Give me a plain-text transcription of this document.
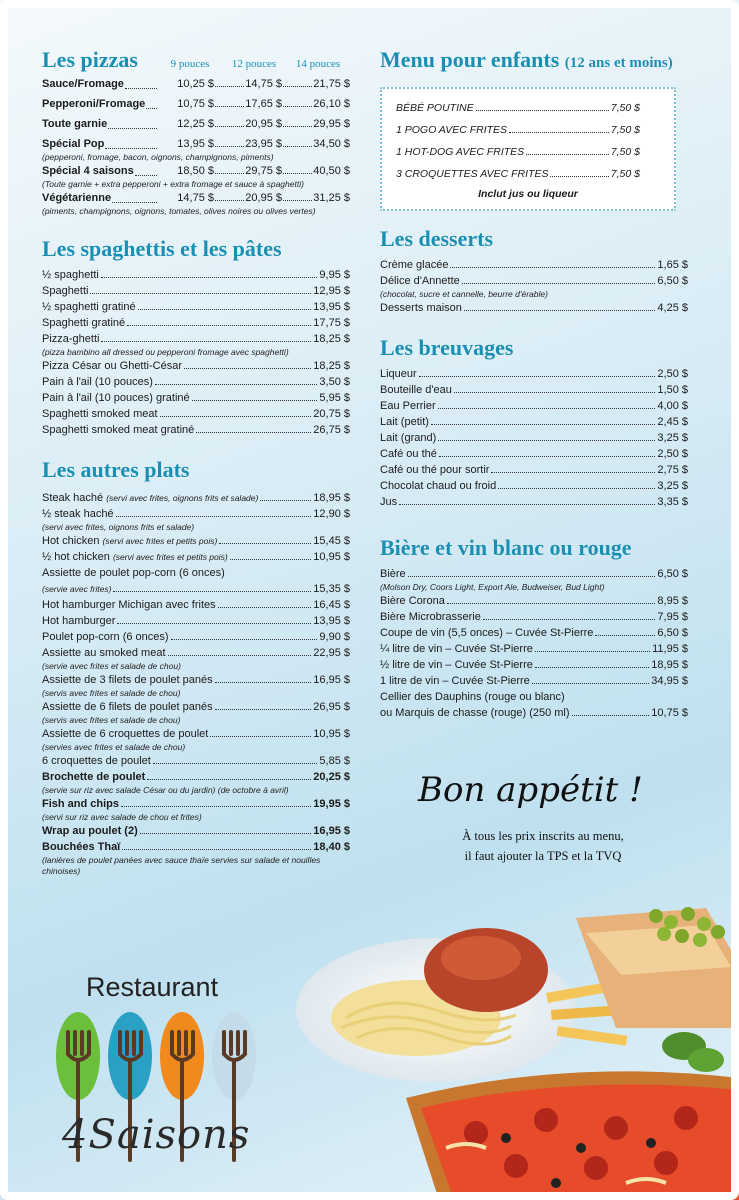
Les pizzas	9 pouces	12 pouces	14 pouces
Sauce/Fromage	10,25 $	14,75 $	21,75 $
Pepperoni/Fromage	10,75 $	17,65 $	26,10 $
Toute garnie	12,25 $	20,95 $	29,95 $
Spécial Pop	13,95 $	23,95 $	34,50 $
(pepperoni, fromage, bacon, oignons, champignons, piments)
Spécial 4 saisons	18,50 $	29,75 $	40,50 $
(Toute garnie + extra pepperoni + extra fromage et sauce à spaghetti)
Végétarienne	14,75 $	20,95 $	31,25 $
(piments, champignons, oignons, tomates, olives noires ou olives vertes)
Les spaghettis et les pâtes
½ spaghetti	9,95 $
Spaghetti	12,95 $
½ spaghetti gratiné	13,95 $
Spaghetti gratiné	17,75 $
Pizza-ghetti	18,25 $
(pizza bambino all dressed ou pepperoni fromage avec spaghetti)
Pizza César ou Ghetti-César	18,25 $
Pain à l'ail (10 pouces)	3,50 $
Pain à l'ail (10 pouces) gratiné	5,95 $
Spaghetti smoked meat	20,75 $
Spaghetti smoked meat gratiné	26,75 $
Les autres plats
Steak haché (servi avec frites, oignons frits et salade)	18,95 $
½ steak haché	12,90 $
(servi avec frites, oignons frits et salade)
Hot chicken (servi avec frites et petits pois)	15,45 $
½ hot chicken (servi avec frites et petits pois)	10,95 $
Assiette de poulet pop-corn (6 onces)
(servie avec frites)	15,35 $
Hot hamburger Michigan avec frites	16,45 $
Hot hamburger	13,95 $
Poulet pop-corn (6 onces)	9,90 $
Assiette au smoked meat	22,95 $
(servie avec frites et salade de chou)
Assiette de 3 filets de poulet panés	16,95 $
(servis avec frites et salade de chou)
Assiette de 6 filets de poulet panés	26,95 $
(servis avec frites et salade de chou)
Assiette de 6 croquettes de poulet	10,95 $
(servies avec frites et salade de chou)
6 croquettes de poulet	5,85 $
Brochette de poulet	20,25 $
(servie sur riz avec salade César ou du jardin) (de octobre à avril)
Fish and chips	19,95 $
(servi sur riz avec salade de chou et frites)
Wrap au poulet (2)	16,95 $
Bouchées Thaï	18,40 $
(lanières de poulet panées avec sauce thaïe servies sur salade et nouilles chinoises)
Menu pour enfants (12 ans et moins)
BÉBÉ POUTINE	7,50 $
1 POGO AVEC FRITES	7,50 $
1 HOT-DOG AVEC FRITES	7,50 $
3 CROQUETTES AVEC FRITES	7,50 $
Inclut jus ou liqueur
Les desserts
Crème glacée	1,65 $
Délice d'Annette	6,50 $
(chocolat, sucre et cannelle, beurre d'érable)
Desserts maison	4,25 $
Les breuvages
Liqueur	2,50 $
Bouteille d'eau	1,50 $
Eau Perrier	4,00 $
Lait (petit)	2,45 $
Lait (grand)	3,25 $
Café ou thé	2,50 $
Café ou thé pour sortir	2,75 $
Chocolat chaud ou froid	3,25 $
Jus	3,35 $
Bière et vin blanc ou rouge
Bière	6,50 $
(Molson Dry, Coors Light, Export Ale, Budweiser, Bud Light)
Bière Corona	8,95 $
Bière Microbrasserie	7,95 $
Coupe de vin (5,5 onces) – Cuvée St-Pierre	6,50 $
¼ litre de vin – Cuvée St-Pierre	11,95 $
½ litre de vin – Cuvée St-Pierre	18,95 $
1 litre de vin – Cuvée St-Pierre	34,95 $
Cellier des Dauphins (rouge ou blanc)
ou Marquis de chasse (rouge) (250 ml)	10,75 $
Bon appétit !
À tous les prix inscrits au menu,
il faut ajouter la TPS et la TVQ
Restaurant
4Saisons
